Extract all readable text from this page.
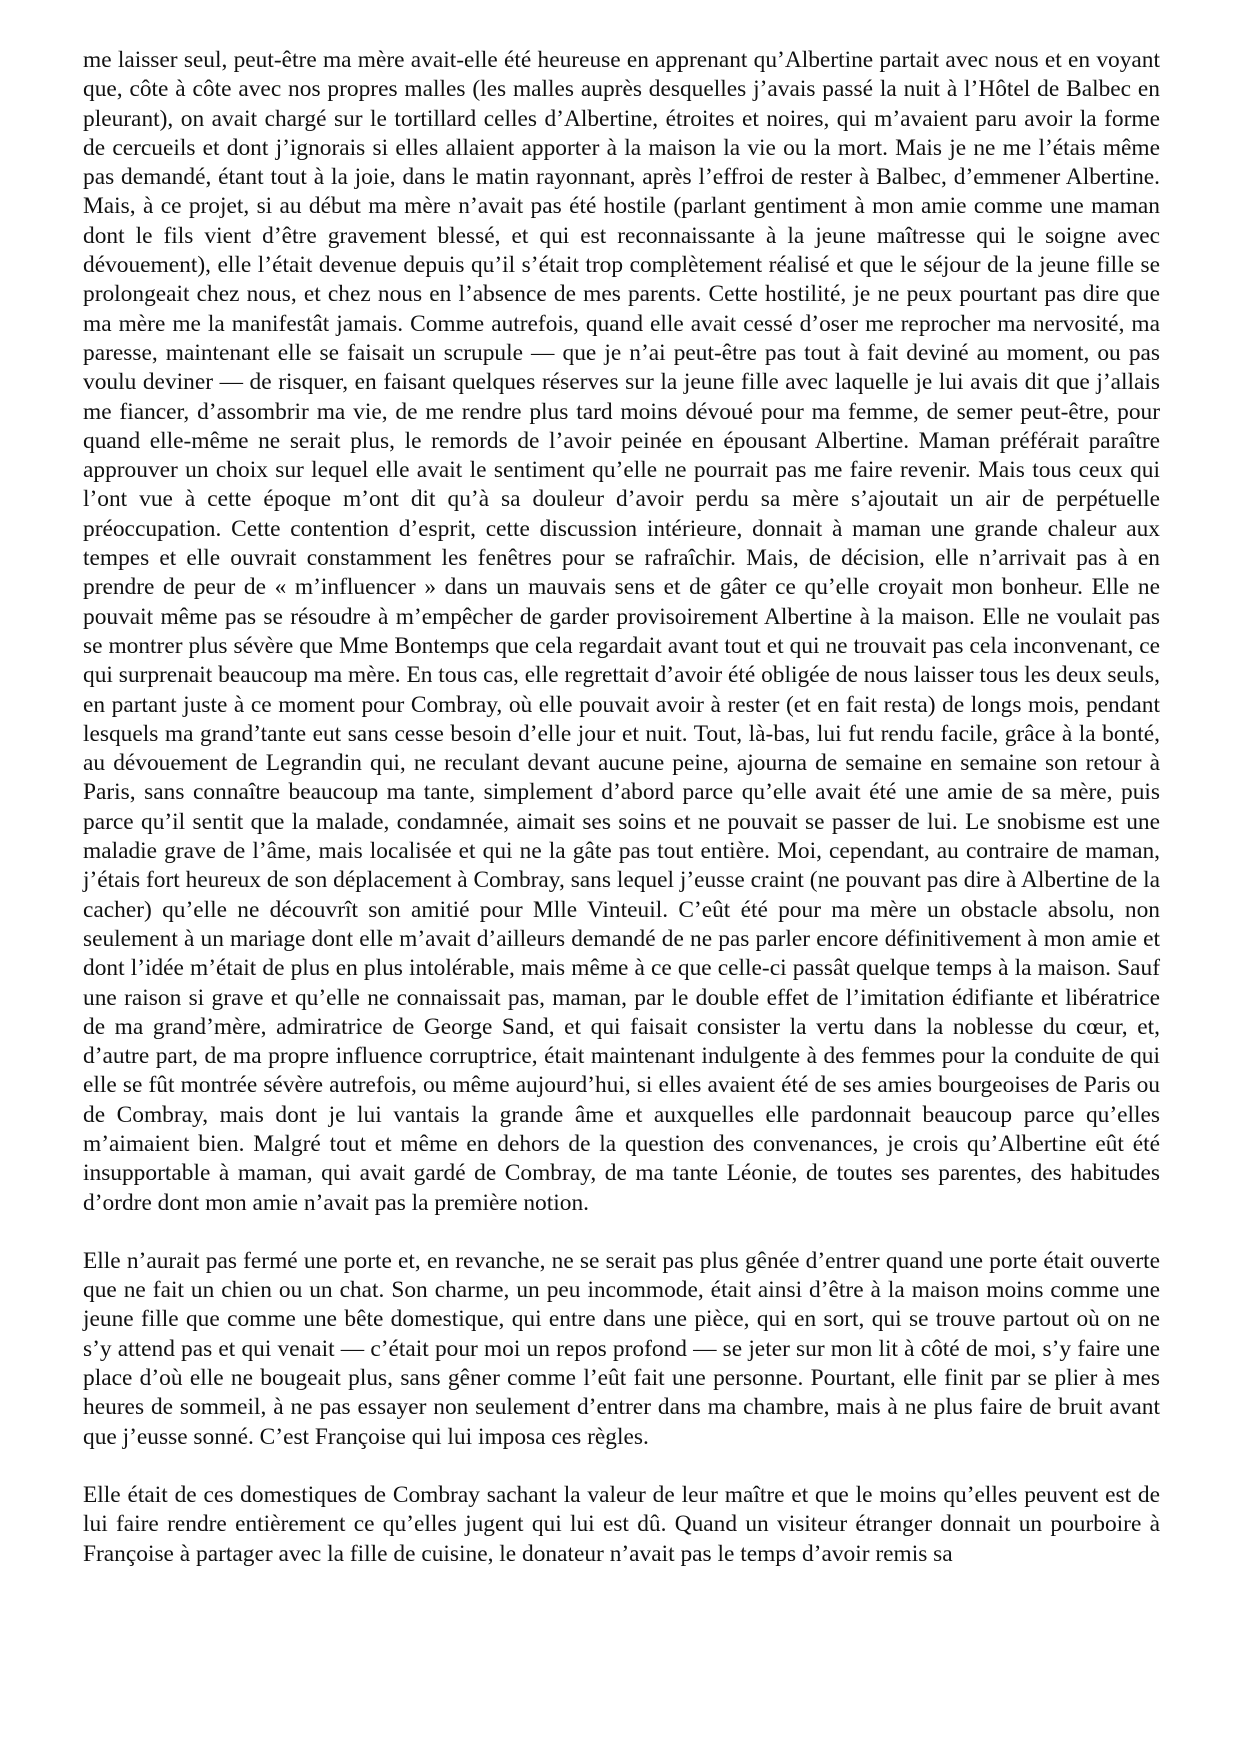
me laisser seul, peut-être ma mère avait-elle été heureuse en apprenant qu’Albertine partait avec nous et en voyant que, côte à côte avec nos propres malles (les malles auprès desquelles j’avais passé la nuit à l’Hôtel de Balbec en pleurant), on avait chargé sur le tortillard celles d’Albertine, étroites et noires, qui m’avaient paru avoir la forme de cercueils et dont j’ignorais si elles allaient apporter à la maison la vie ou la mort. Mais je ne me l’étais même pas demandé, étant tout à la joie, dans le matin rayonnant, après l’effroi de rester à Balbec, d’emmener Albertine. Mais, à ce projet, si au début ma mère n’avait pas été hostile (parlant gentiment à mon amie comme une maman dont le fils vient d’être gravement blessé, et qui est reconnaissante à la jeune maîtresse qui le soigne avec dévouement), elle l’était devenue depuis qu’il s’était trop complètement réalisé et que le séjour de la jeune fille se prolongeait chez nous, et chez nous en l’absence de mes parents. Cette hostilité, je ne peux pourtant pas dire que ma mère me la manifestât jamais. Comme autrefois, quand elle avait cessé d’oser me reprocher ma nervosité, ma paresse, maintenant elle se faisait un scrupule — que je n’ai peut-être pas tout à fait deviné au moment, ou pas voulu deviner — de risquer, en faisant quelques réserves sur la jeune fille avec laquelle je lui avais dit que j’allais me fiancer, d’assombrir ma vie, de me rendre plus tard moins dévoué pour ma femme, de semer peut-être, pour quand elle-même ne serait plus, le remords de l’avoir peinée en épousant Albertine. Maman préférait paraître approuver un choix sur lequel elle avait le sentiment qu’elle ne pourrait pas me faire revenir. Mais tous ceux qui l’ont vue à cette époque m’ont dit qu’à sa douleur d’avoir perdu sa mère s’ajoutait un air de perpétuelle préoccupation. Cette contention d’esprit, cette discussion intérieure, donnait à maman une grande chaleur aux tempes et elle ouvrait constamment les fenêtres pour se rafraîchir. Mais, de décision, elle n’arrivait pas à en prendre de peur de « m’influencer » dans un mauvais sens et de gâter ce qu’elle croyait mon bonheur. Elle ne pouvait même pas se résoudre à m’empêcher de garder provisoirement Albertine à la maison. Elle ne voulait pas se montrer plus sévère que Mme Bontemps que cela regardait avant tout et qui ne trouvait pas cela inconvenant, ce qui surprenait beaucoup ma mère. En tous cas, elle regrettait d’avoir été obligée de nous laisser tous les deux seuls, en partant juste à ce moment pour Combray, où elle pouvait avoir à rester (et en fait resta) de longs mois, pendant lesquels ma grand’tante eut sans cesse besoin d’elle jour et nuit. Tout, là-bas, lui fut rendu facile, grâce à la bonté, au dévouement de Legrandin qui, ne reculant devant aucune peine, ajourna de semaine en semaine son retour à Paris, sans connaître beaucoup ma tante, simplement d’abord parce qu’elle avait été une amie de sa mère, puis parce qu’il sentit que la malade, condamnée, aimait ses soins et ne pouvait se passer de lui. Le snobisme est une maladie grave de l’âme, mais localisée et qui ne la gâte pas tout entière. Moi, cependant, au contraire de maman, j’étais fort heureux de son déplacement à Combray, sans lequel j’eusse craint (ne pouvant pas dire à Albertine de la cacher) qu’elle ne découvrît son amitié pour Mlle Vinteuil. C’eût été pour ma mère un obstacle absolu, non seulement à un mariage dont elle m’avait d’ailleurs demandé de ne pas parler encore définitivement à mon amie et dont l’idée m’était de plus en plus intolérable, mais même à ce que celle-ci passât quelque temps à la maison. Sauf une raison si grave et qu’elle ne connaissait pas, maman, par le double effet de l’imitation édifiante et libératrice de ma grand’mère, admiratrice de George Sand, et qui faisait consister la vertu dans la noblesse du cœur, et, d’autre part, de ma propre influence corruptrice, était maintenant indulgente à des femmes pour la conduite de qui elle se fût montrée sévère autrefois, ou même aujourd’hui, si elles avaient été de ses amies bourgeoises de Paris ou de Combray, mais dont je lui vantais la grande âme et auxquelles elle pardonnait beaucoup parce qu’elles m’aimaient bien. Malgré tout et même en dehors de la question des convenances, je crois qu’Albertine eût été insupportable à maman, qui avait gardé de Combray, de ma tante Léonie, de toutes ses parentes, des habitudes d’ordre dont mon amie n’avait pas la première notion.

Elle n’aurait pas fermé une porte et, en revanche, ne se serait pas plus gênée d’entrer quand une porte était ouverte que ne fait un chien ou un chat. Son charme, un peu incommode, était ainsi d’être à la maison moins comme une jeune fille que comme une bête domestique, qui entre dans une pièce, qui en sort, qui se trouve partout où on ne s’y attend pas et qui venait — c’était pour moi un repos profond — se jeter sur mon lit à côté de moi, s’y faire une place d’où elle ne bougeait plus, sans gêner comme l’eût fait une personne. Pourtant, elle finit par se plier à mes heures de sommeil, à ne pas essayer non seulement d’entrer dans ma chambre, mais à ne plus faire de bruit avant que j’eusse sonné. C’est Françoise qui lui imposa ces règles.

Elle était de ces domestiques de Combray sachant la valeur de leur maître et que le moins qu’elles peuvent est de lui faire rendre entièrement ce qu’elles jugent qui lui est dû. Quand un visiteur étranger donnait un pourboire à Françoise à partager avec la fille de cuisine, le donateur n’avait pas le temps d’avoir remis sa
